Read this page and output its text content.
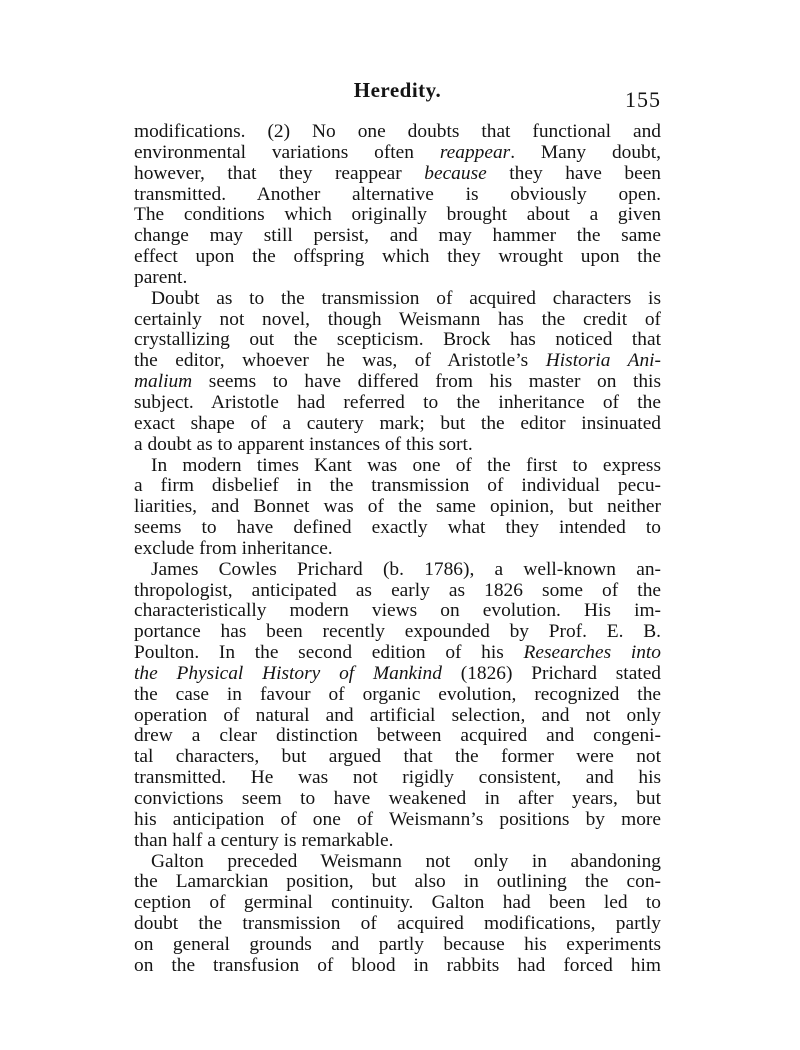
Heredity.	155
modifications. (2) No one doubts that functional and
environmental variations often reappear. Many doubt,
however, that they reappear because they have been
transmitted. Another alternative is obviously open.
The conditions which originally brought about a given
change may still persist, and may hammer the same
effect upon the offspring which they wrought upon the
parent.
Doubt as to the transmission of acquired characters is
certainly not novel, though Weismann has the credit of
crystallizing out the scepticism. Brock has noticed that
the editor, whoever he was, of Aristotle’s Historia Ani-
malium seems to have differed from his master on this
subject. Aristotle had referred to the inheritance of the
exact shape of a cautery mark; but the editor insinuated
a doubt as to apparent instances of this sort.
In modern times Kant was one of the first to express
a firm disbelief in the transmission of individual pecu-
liarities, and Bonnet was of the same opinion, but neither
seems to have defined exactly what they intended to
exclude from inheritance.
James Cowles Prichard (b. 1786), a well-known an-
thropologist, anticipated as early as 1826 some of the
characteristically modern views on evolution. His im-
portance has been recently expounded by Prof. E. B.
Poulton. In the second edition of his Researches into
the Physical History of Mankind (1826) Prichard stated
the case in favour of organic evolution, recognized the
operation of natural and artificial selection, and not only
drew a clear distinction between acquired and congeni-
tal characters, but argued that the former were not
transmitted. He was not rigidly consistent, and his
convictions seem to have weakened in after years, but
his anticipation of one of Weismann’s positions by more
than half a century is remarkable.
Galton preceded Weismann not only in abandoning
the Lamarckian position, but also in outlining the con-
ception of germinal continuity. Galton had been led to
doubt the transmission of acquired modifications, partly
on general grounds and partly because his experiments
on the transfusion of blood in rabbits had forced him
